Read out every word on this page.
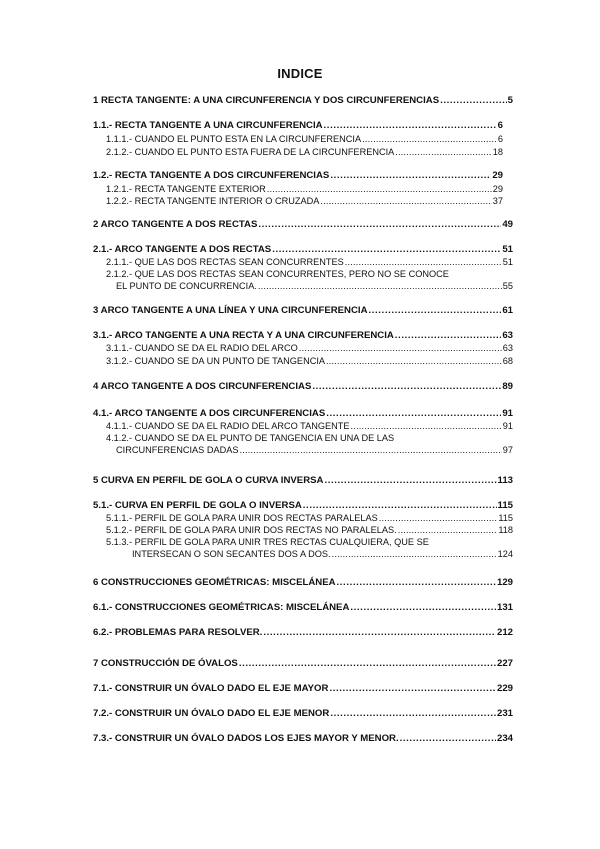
INDICE
1 RECTA TANGENTE: A UNA CIRCUNFERENCIA Y DOS CIRCUNFERENCIAS .....	5
1.1.- RECTA TANGENTE A UNA CIRCUNFERENCIA .....	6
1.1.1.- CUANDO EL PUNTO ESTA EN LA CIRCUNFERENCIA .....	6
2.1.2.- CUANDO EL PUNTO ESTA FUERA DE LA CIRCUNFERENCIA .....	18
1.2.- RECTA TANGENTE A DOS CIRCUNFERENCIAS .....	29
1.2.1.- RECTA TANGENTE EXTERIOR .....	29
1.2.2.- RECTA TANGENTE INTERIOR O CRUZADA .....	37
2 ARCO TANGENTE A DOS RECTAS .....	49
2.1.- ARCO TANGENTE A DOS RECTAS .....	51
2.1.1.- QUE LAS DOS RECTAS SEAN CONCURRENTES .....	51
2.1.2.- QUE LAS DOS RECTAS SEAN CONCURRENTES, PERO NO SE CONOCE
EL PUNTO DE CONCURRENCIA. .....	55
3 ARCO TANGENTE A UNA LÍNEA Y UNA CIRCUNFERENCIA .....	61
3.1.- ARCO TANGENTE A UNA RECTA Y A UNA CIRCUNFERENCIA .....	63
3.1.1.- CUANDO SE DA EL RADIO DEL ARCO .....	63
3.1.2.- CUANDO SE DA UN PUNTO DE TANGENCIA .....	68
4 ARCO TANGENTE A DOS CIRCUNFERENCIAS .....	89
4.1.- ARCO TANGENTE A DOS CIRCUNFERENCIAS .....	91
4.1.1.- CUANDO SE DA EL RADIO DEL ARCO TANGENTE .....	91
4.1.2.- CUANDO SE DA EL PUNTO DE TANGENCIA EN UNA DE LAS
CIRCUNFERENCIAS DADAS .....	97
5 CURVA EN PERFIL DE GOLA O CURVA INVERSA .....	113
5.1.- CURVA EN PERFIL DE GOLA O INVERSA .....	115
5.1.1.- PERFIL DE GOLA PARA UNIR DOS RECTAS PARALELAS .....	115
5.1.2.- PERFIL DE GOLA PARA UNIR DOS RECTAS NO PARALELAS. .....	118
5.1.3.- PERFIL DE GOLA PARA UNIR TRES RECTAS CUALQUIERA, QUE SE
INTERSECAN O SON SECANTES DOS A DOS. .....	124
6 CONSTRUCCIONES GEOMÉTRICAS: MISCELÁNEA .....	129
6.1.- CONSTRUCCIONES GEOMÉTRICAS: MISCELÁNEA .....	131
6.2.- PROBLEMAS PARA RESOLVER. .....	212
7 CONSTRUCCIÓN DE ÓVALOS .....	227
7.1.- CONSTRUIR UN ÓVALO DADO EL EJE MAYOR .....	229
7.2.- CONSTRUIR UN ÓVALO DADO EL EJE MENOR .....	231
7.3.- CONSTRUIR UN ÓVALO DADOS LOS EJES MAYOR Y MENOR. .....	234
